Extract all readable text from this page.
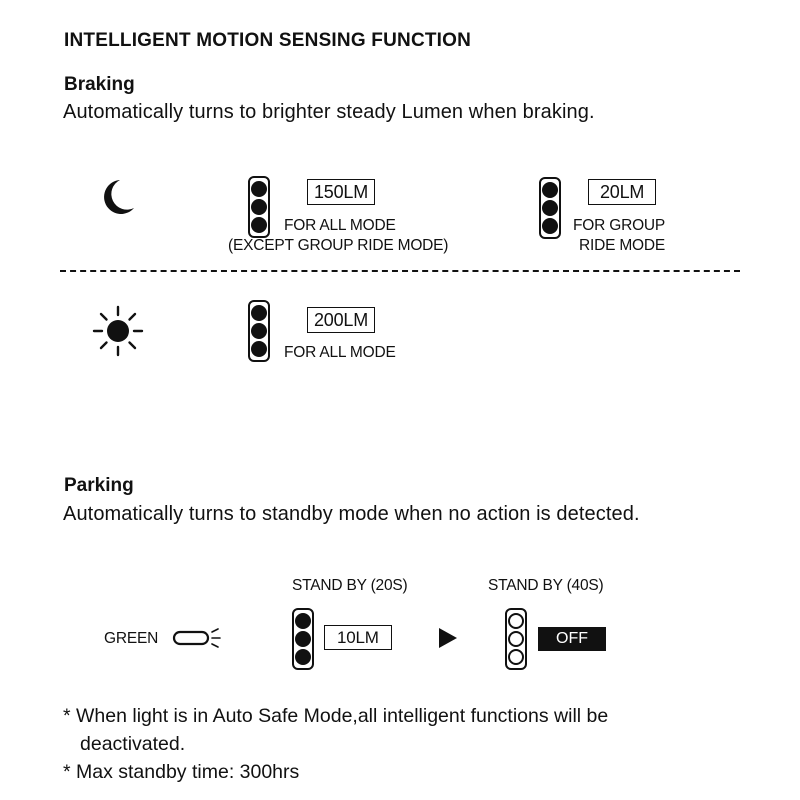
INTELLIGENT MOTION SENSING FUNCTION
Braking
Automatically turns to brighter steady Lumen when braking.
150LM
FOR ALL MODE
(EXCEPT GROUP RIDE MODE)
20LM
FOR GROUP
RIDE MODE
200LM
FOR ALL MODE
Parking
Automatically turns to standby mode when no action is detected.
STAND BY (20S)	STAND BY (40S)
GREEN	10LM	OFF
* When light is in Auto Safe Mode,all intelligent functions will be
deactivated.
* Max standby time: 300hrs
